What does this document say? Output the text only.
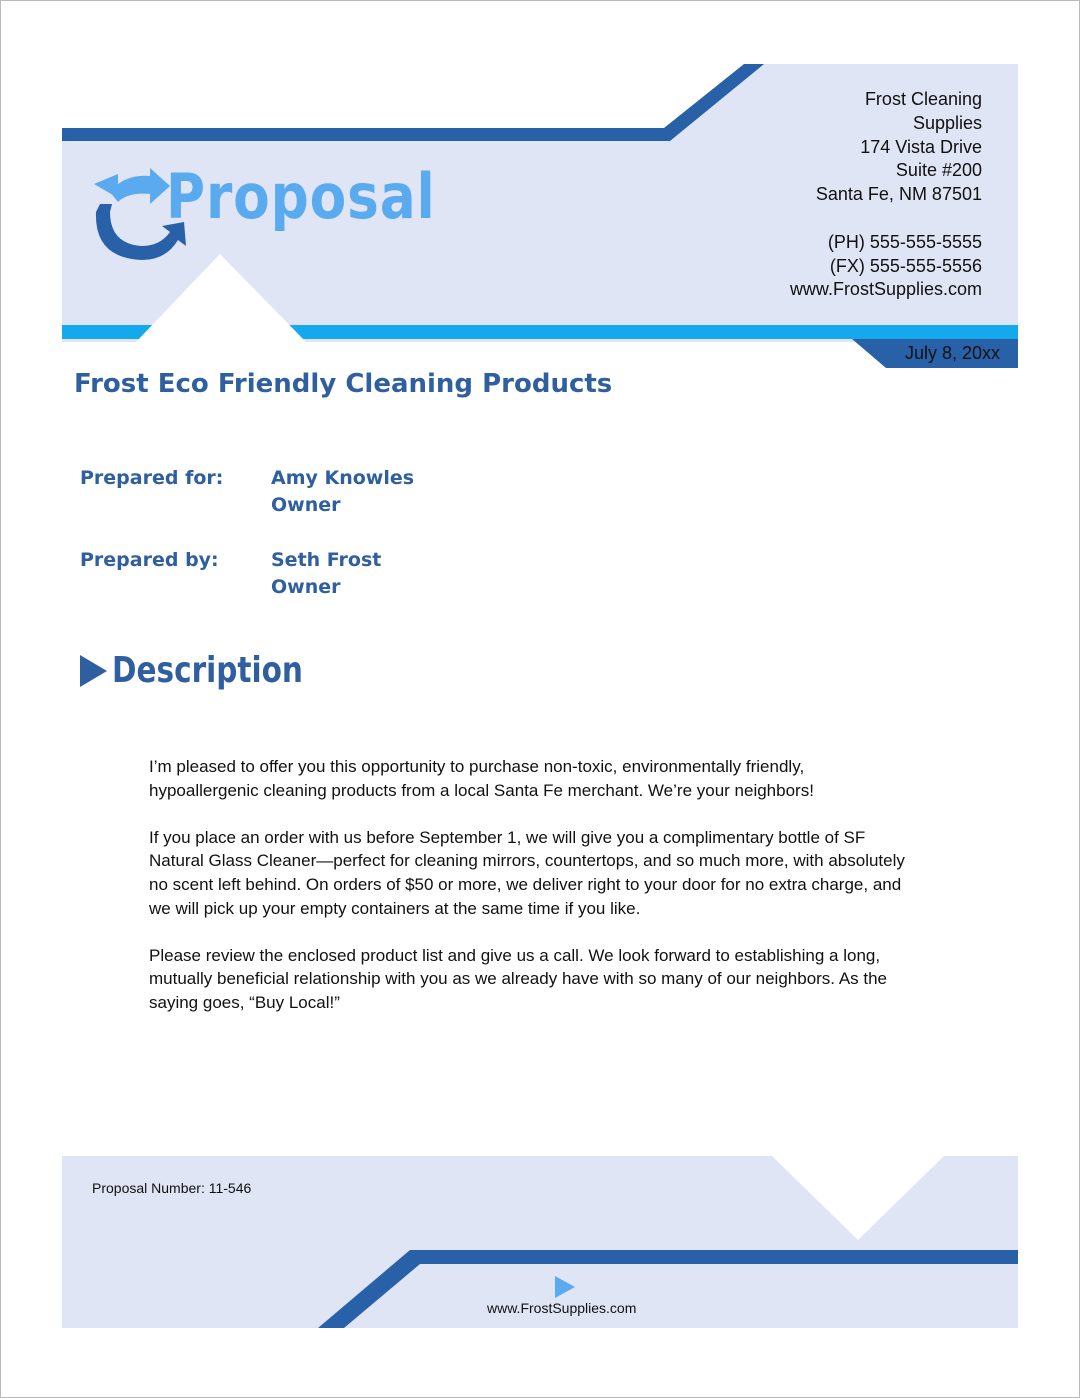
Proposal
Frost Cleaning
Supplies
174 Vista Drive
Suite #200
Santa Fe, NM 87501
(PH) 555-555-5555
(FX) 555-555-5556
www.FrostSupplies.com
July 8, 20xx
Frost Eco Friendly Cleaning Products
Prepared for:	Amy Knowles
Owner
Prepared by:	Seth Frost
Owner
Description

I’m pleased to offer you this opportunity to purchase non-toxic, environmentally friendly, hypoallergenic cleaning products from a local Santa Fe merchant. We’re your neighbors!

If you place an order with us before September 1, we will give you a complimentary bottle of SF Natural Glass Cleaner—perfect for cleaning mirrors, countertops, and so much more, with absolutely no scent left behind. On orders of $50 or more, we deliver right to your door for no extra charge, and we will pick up your empty containers at the same time if you like.

Please review the enclosed product list and give us a call. We look forward to establishing a long, mutually beneficial relationship with you as we already have with so many of our neighbors. As the saying goes, “Buy Local!”

Proposal Number: 11-546
www.FrostSupplies.com
